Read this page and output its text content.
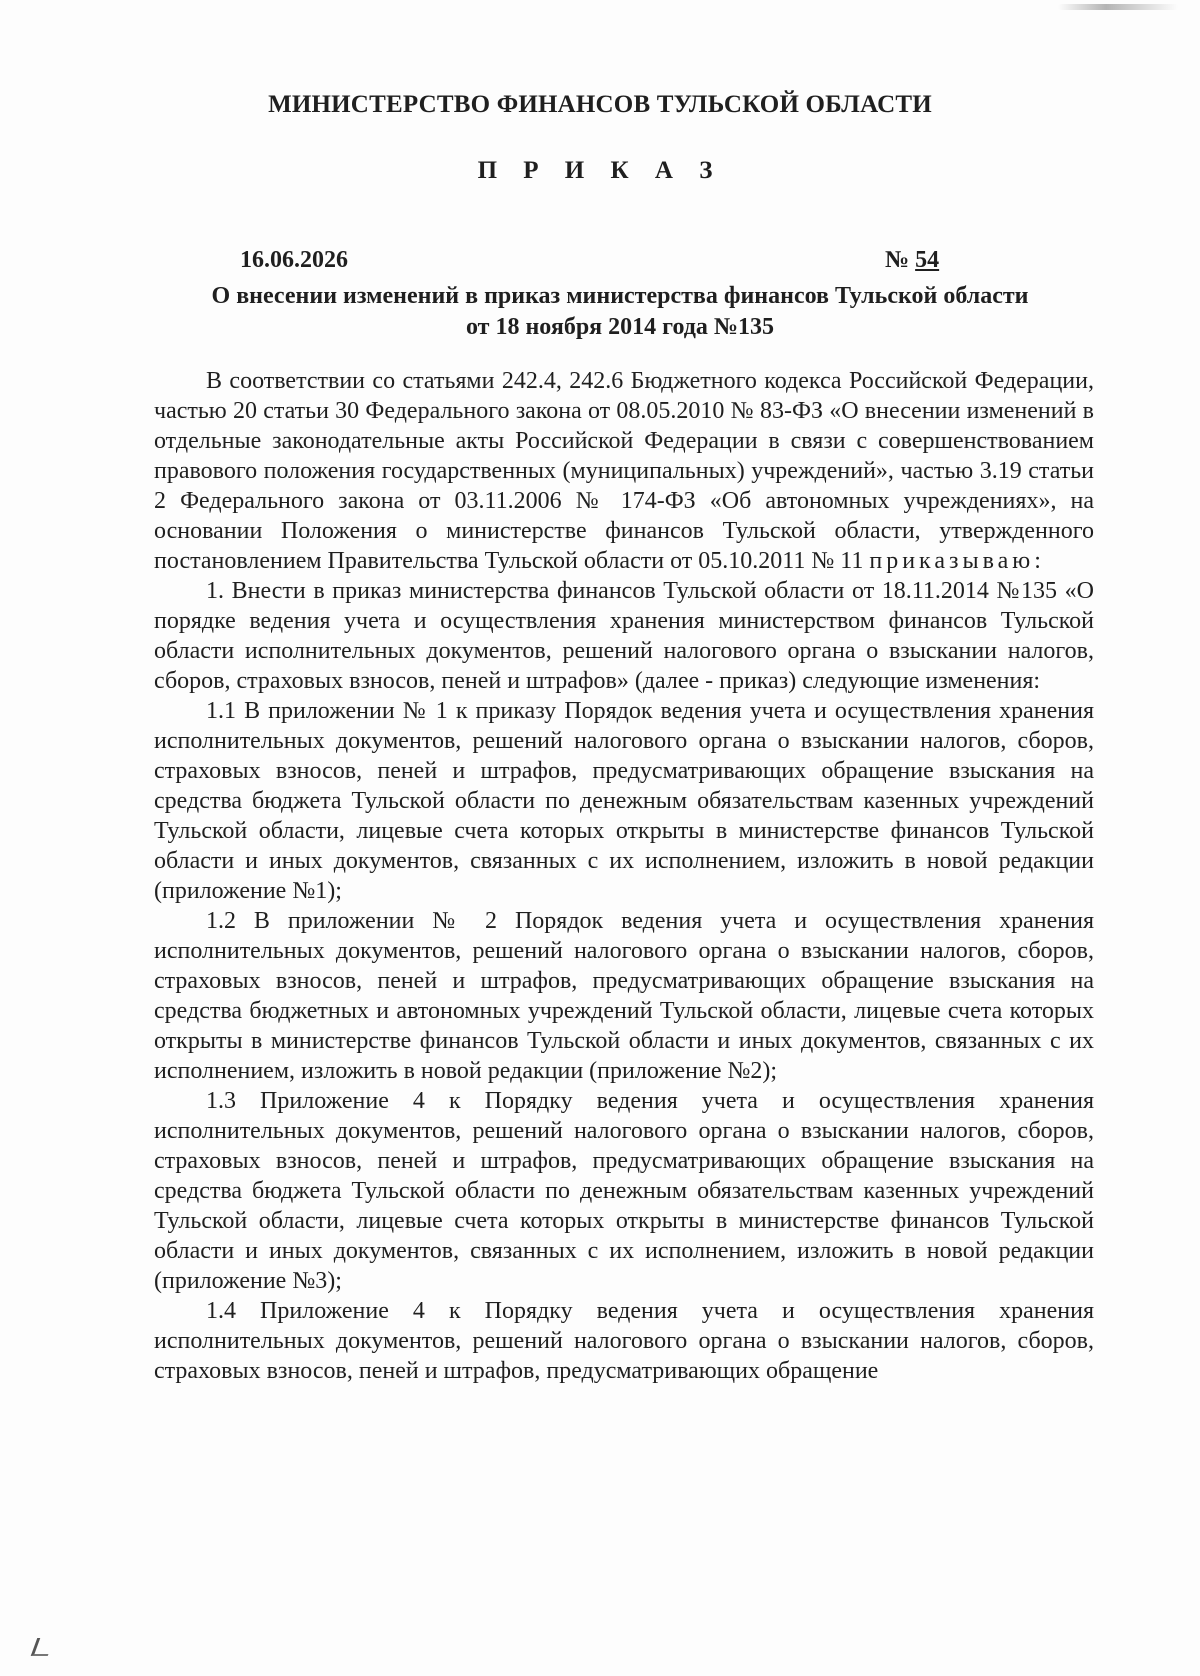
МИНИСТЕРСТВО ФИНАНСОВ ТУЛЬСКОЙ ОБЛАСТИ
П Р И К А З
16.06.2026	№ 54
О внесении изменений в приказ министерства финансов Тульской области
от 18 ноября 2014 года №135

В соответствии со статьями 242.4, 242.6 Бюджетного кодекса Российской Федерации, частью 20 статьи 30 Федерального закона от 08.05.2010 № 83-ФЗ «О внесении изменений в отдельные законодательные акты Российской Федерации в связи с совершенствованием правового положения государственных (муниципальных) учреждений», частью 3.19 статьи 2 Федерального закона от 03.11.2006 № 174-ФЗ «Об автономных учреждениях», на основании Положения о министерстве финансов Тульской области, утвержденного постановлением Правительства Тульской области от 05.10.2011 № 11 приказываю:

1. Внести в приказ министерства финансов Тульской области от 18.11.2014 №135 «О порядке ведения учета и осуществления хранения министерством финансов Тульской области исполнительных документов, решений налогового органа о взыскании налогов, сборов, страховых взносов, пеней и штрафов» (далее - приказ) следующие изменения:

1.1 В приложении № 1 к приказу Порядок ведения учета и осуществления хранения исполнительных документов, решений налогового органа о взыскании налогов, сборов, страховых взносов, пеней и штрафов, предусматривающих обращение взыскания на средства бюджета Тульской области по денежным обязательствам казенных учреждений Тульской области, лицевые счета которых открыты в министерстве финансов Тульской области и иных документов, связанных с их исполнением, изложить в новой редакции (приложение №1);

1.2 В приложении № 2 Порядок ведения учета и осуществления хранения исполнительных документов, решений налогового органа о взыскании налогов, сборов, страховых взносов, пеней и штрафов, предусматривающих обращение взыскания на средства бюджетных и автономных учреждений Тульской области, лицевые счета которых открыты в министерстве финансов Тульской области и иных документов, связанных с их исполнением, изложить в новой редакции (приложение №2);

1.3 Приложение 4 к Порядку ведения учета и осуществления хранения исполнительных документов, решений налогового органа о взыскании налогов, сборов, страховых взносов, пеней и штрафов, предусматривающих обращение взыскания на средства бюджета Тульской области по денежным обязательствам казенных учреждений Тульской области, лицевые счета которых открыты в министерстве финансов Тульской области и иных документов, связанных с их исполнением, изложить в новой редакции (приложение №3);

1.4 Приложение 4 к Порядку ведения учета и осуществления хранения исполнительных документов, решений налогового органа о взыскании налогов, сборов, страховых взносов, пеней и штрафов, предусматривающих обращение
